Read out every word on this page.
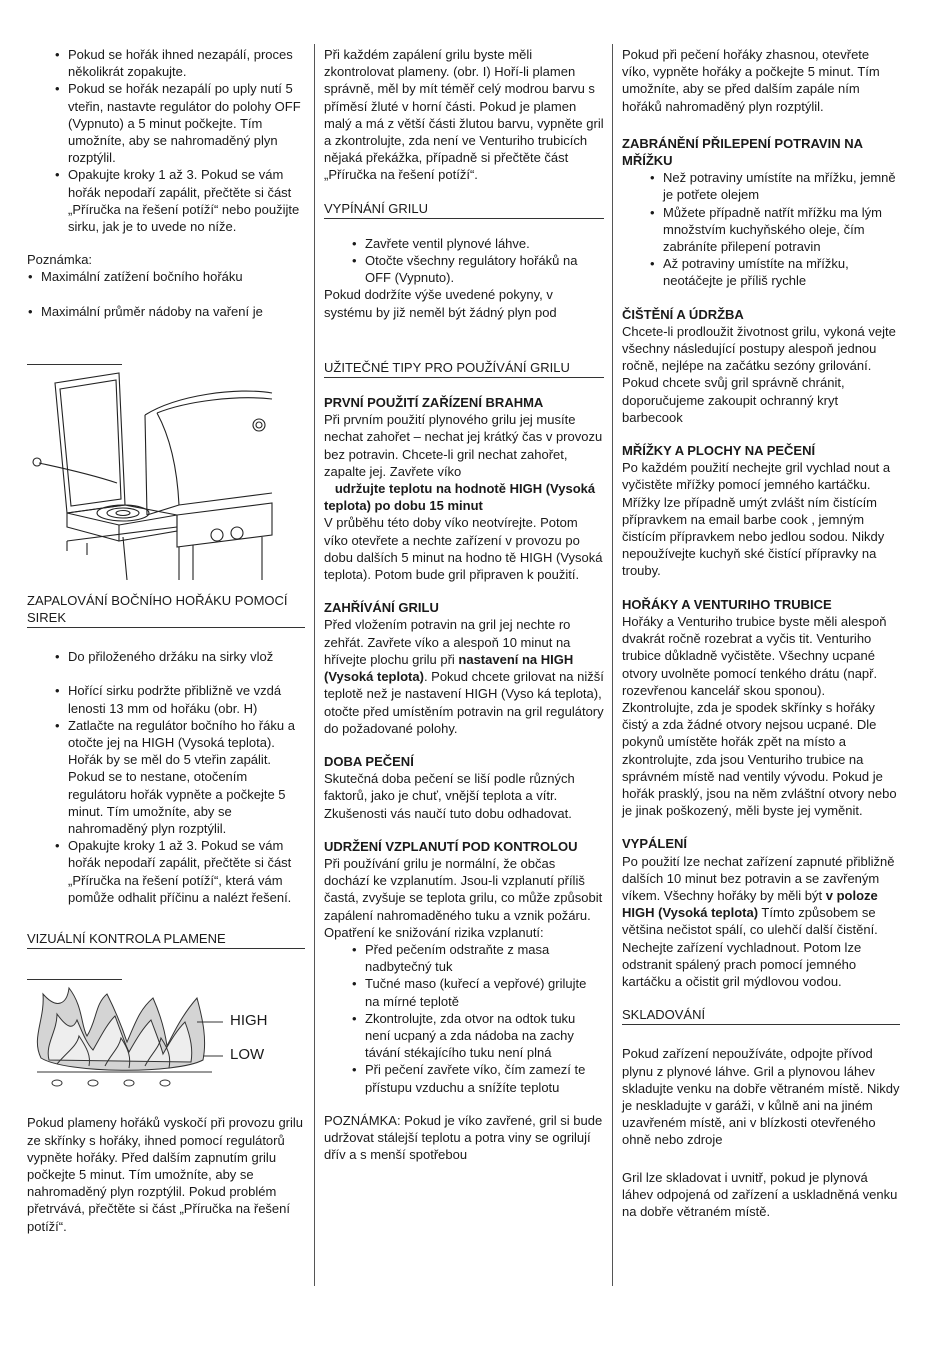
• Pokud se hořák ihned nezapálí, proces několikrát zopakujte.
• Pokud se hořák nezapálí po uply nutí 5 vteřin, nastavte regulátor do polohy OFF (Vypnuto) a 5 minut počkejte. Tím umožníte, aby se nahromaděný plyn rozptýlil.
• Opakujte kroky 1 až 3. Pokud se vám hořák nepodaří zapálit, přečtěte si část „Příručka na řešení potíží“ nebo použijte sirku, jak je to uvede no níže.

Poznámka:

• Maximální zatížení bočního hořáku
• Maximální průměr nádoby na vaření je
ZAPALOVÁNÍ BOČNÍHO HOŘÁKU POMOCÍ SIREK
• Do přiloženého držáku na sirky vlož
• Hořící sirku podržte přibližně ve vzdá lenosti 13 mm od hořáku (obr. H)
• Zatlačte na regulátor bočního ho řáku a otočte jej na HIGH (Vysoká teplota). Hořák by se měl do 5 vteřin zapálit. Pokud se to nestane, otočením regulátoru hořák vypněte a počkejte 5 minut. Tím umožníte, aby se nahromaděný plyn rozptýlil.
• Opakujte kroky 1 až 3. Pokud se vám hořák nepodaří zapálit, přečtěte si část „Příručka na řešení potíží“, která vám pomůže odhalit příčinu a nalézt řešení.
VIZUÁLNÍ KONTROLA PLAMENE
HIGH
LOW

Pokud plameny hořáků vyskočí při provozu grilu ze skřínky s hořáky, ihned pomocí regulátorů vypněte hořáky. Před dalším zapnutím grilu počkejte 5 minut. Tím umožníte, aby se nahromaděný plyn rozptýlil. Pokud problém přetrvává, přečtěte si část „Příručka na řešení potíží“.

Při každém zapálení grilu byste měli zkontrolovat plameny. (obr. I) Hoří-li plamen správně, měl by mít téměř celý modrou barvu s příměsí žluté v horní části. Pokud je plamen malý a má z větší části žlutou barvu, vypněte gril a zkontrolujte, zda není ve Venturiho trubicích nějaká překážka, případně si přečtěte část „Příručka na řešení potíží“.

VYPÍNÁNÍ GRILU
• Zavřete ventil plynové láhve.
• Otočte všechny regulátory hořáků na OFF (Vypnuto).

Pokud dodržíte výše uvedené pokyny, v systému by již neměl být žádný plyn pod

UŽITEČNÉ TIPY PRO POUŽÍVÁNÍ GRILU
PRVNÍ POUŽITÍ ZAŘÍZENÍ BRAHMA

Při prvním použití plynového grilu jej musíte nechat zahořet – nechat jej krátký čas v provozu bez potravin. Chcete-li gril nechat zahořet, zapalte jej. Zavřete víko
udržujte teplotu na hodnotě HIGH (Vysoká teplota) po dobu 15 minut

V průběhu této doby víko neotvírejte. Potom víko otevřete a nechte zařízení v provozu po dobu dalších 5 minut na hodno tě HIGH (Vysoká teplota). Potom bude gril připraven k použití.

ZAHŘÍVÁNÍ GRILU

Před vložením potravin na gril jej nechte ro zehřát. Zavřete víko a alespoň 10 minut na hřívejte plochu grilu při nastavení na HIGH (Vysoká teplota). Pokud chcete grilovat na nižší teplotě než je nastavení HIGH (Vyso ká teplota), otočte před umístěním potravin na gril regulátory do požadované polohy.

DOBA PEČENÍ

Skutečná doba pečení se liší podle různých faktorů, jako je chuť, vnější teplota a vítr. Zkušenosti vás naučí tuto dobu odhadovat.

UDRŽENÍ VZPLANUTÍ POD KONTROLOU

Při používání grilu je normální, že občas dochází ke vzplanutím. Jsou-li vzplanutí příliš častá, zvyšuje se teplota grilu, co může způsobit zapálení nahromaděného tuku a vznik požáru.

Opatření ke snižování rizika vzplanutí:

• Před pečením odstraňte z masa nadbytečný tuk
• Tučné maso (kuřecí a vepřové) grilujte na mírné teplotě
• Zkontrolujte, zda otvor na odtok tuku není ucpaný a zda nádoba na zachy távání stékajícího tuku není plná
• Při pečení zavřete víko, čím zamezí te přístupu vzduchu a snížíte teplotu

POZNÁMKA: Pokud je víko zavřené, gril si bude udržovat stálejší teplotu a potra viny se ogrilují dřív a s menší spotřebou

Pokud při pečení hořáky zhasnou, otevřete víko, vypněte hořáky a počkejte 5 minut. Tím umožníte, aby se před dalším zapále ním hořáků nahromaděný plyn rozptýlil.

ZABRÁNĚNÍ PŘILEPENÍ POTRAVIN NA MŘÍŽKU
• Než potraviny umístíte na mřížku, jemně je potřete olejem
• Můžete případně natřít mřížku ma lým množstvím kuchyňského oleje, čím zabráníte přilepení potravin
• Až potraviny umístíte na mřížku, neotáčejte je příliš rychle
ČIŠTĚNÍ A ÚDRŽBA

Chcete-li prodloužit životnost grilu, vykoná vejte všechny následující postupy alespoň jednou ročně, nejlépe na začátku sezóny grilování. Pokud chcete svůj gril správně chránit, doporučujeme zakoupit ochranný kryt barbecook

MŘÍŽKY A PLOCHY NA PEČENÍ

Po každém použití nechejte gril vychlad nout a vyčistěte mřížky pomocí jemného kartáčku. Mřížky lze případně umýt zvlášt ním čistícím přípravkem na email barbe cook , jemným čistícím přípravkem nebo jedlou sodou. Nikdy nepoužívejte kuchyň ské čistící přípravky na trouby.

HOŘÁKY A VENTURIHO TRUBICE

Hořáky a Venturiho trubice byste měli alespoň dvakrát ročně rozebrat a vyčis tit. Venturiho trubice důkladně vyčistěte. Všechny ucpané otvory uvolněte pomocí tenkého drátu (např. rozevřenou kancelář skou sponou). Zkontrolujte, zda je spodek skřínky s hořáky čistý a zda žádné otvory nejsou ucpané. Dle pokynů umístěte hořák zpět na místo a zkontrolujte, zda jsou Venturiho trubice na správném místě nad ventily vývodu. Pokud je hořák prasklý, jsou na něm zvláštní otvory nebo je jinak poškozený, měli byste jej vyměnit.

VYPÁLENÍ

Po použití lze nechat zařízení zapnuté přibližně dalších 10 minut bez potravin a se zavřeným víkem. Všechny hořáky by měli být v poloze HIGH (Vysoká teplota) Tímto způsobem se většina nečistot spálí, co ulehčí další čistění. Nechejte zařízení vychladnout. Potom lze odstranit spálený prach pomocí jemného kartáčku a očistit gril mýdlovou vodou.

SKLADOVÁNÍ

Pokud zařízení nepoužíváte, odpojte přívod plynu z plynové láhve. Gril a plynovou láhev skladujte venku na dobře větraném místě. Nikdy je neskladujte v garáži, v kůlně ani na jiném uzavřeném místě, ani v blízkosti otevřeného ohně nebo zdroje

Gril lze skladovat i uvnitř, pokud je plynová láhev odpojená od zařízení a uskladněná venku na dobře větraném místě.
